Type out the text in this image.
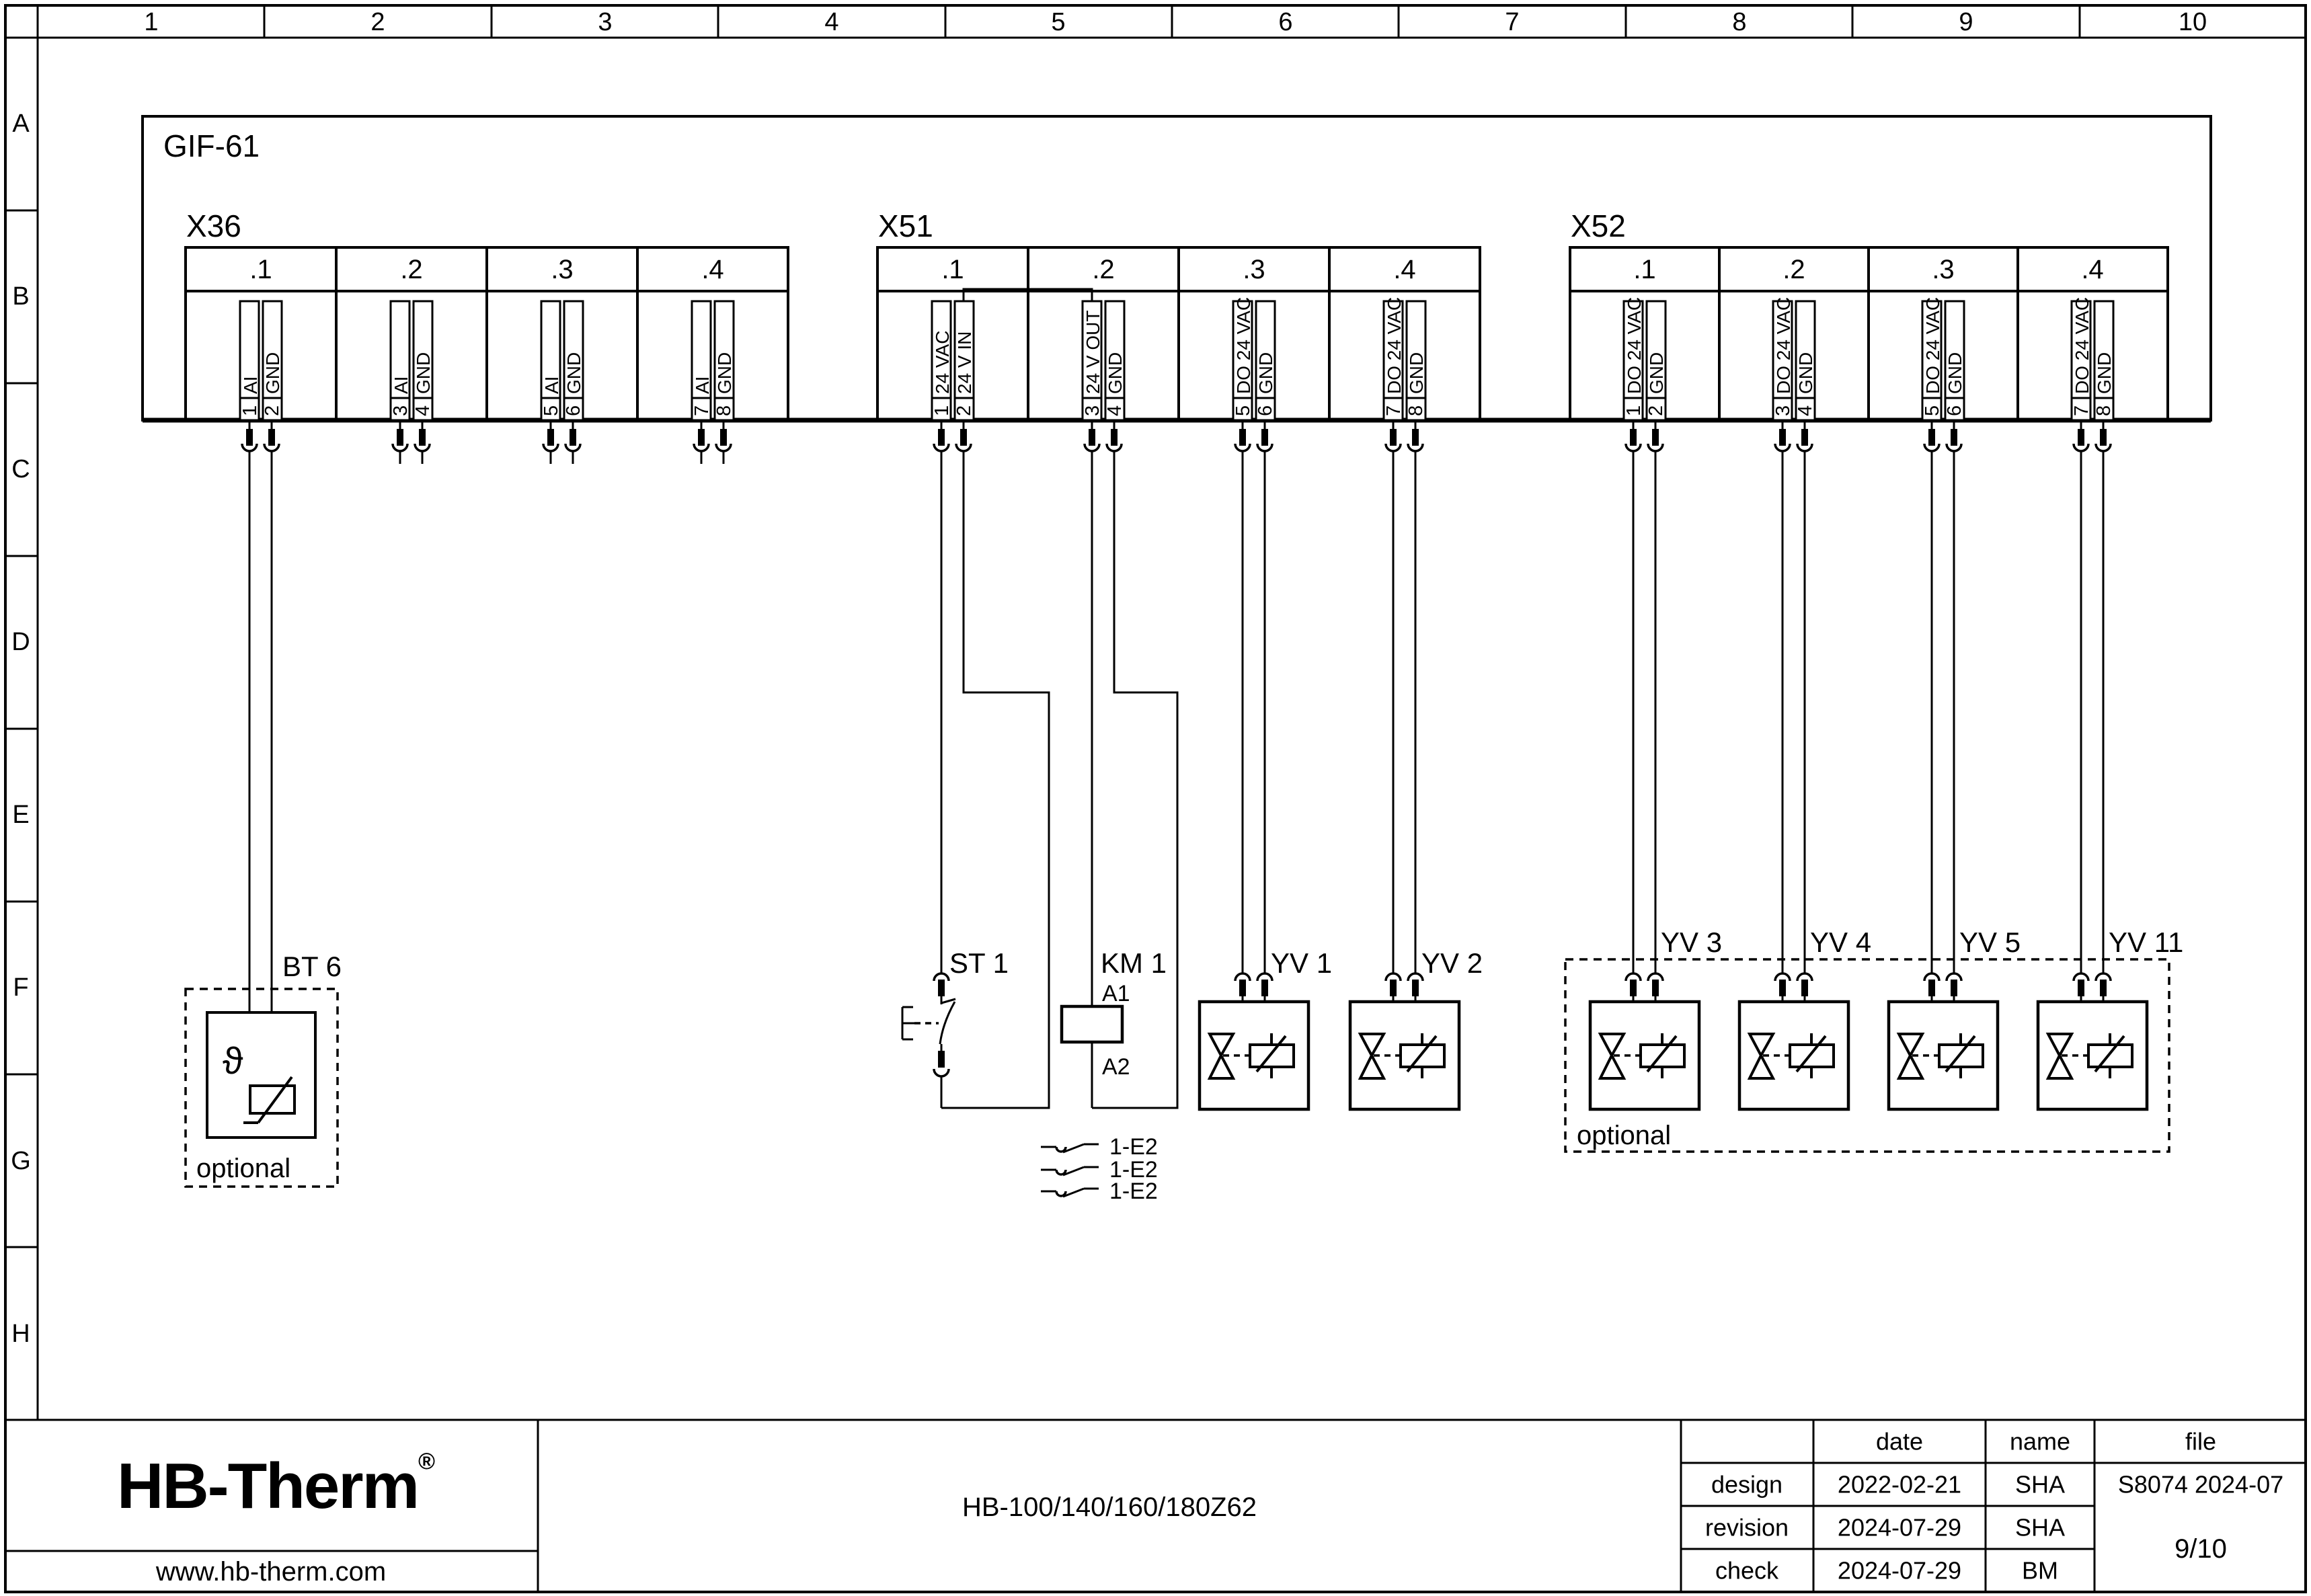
1	2	3	4	5	6	7	8	9	10
A
B
C
D
E
F
G
H
GIF-61
X36
.1	.2	.3	.4
AI GND
1 2
AI GND
3 4
AI GND
5 6
AI GND
7 8
X51
.1	.2	.3	.4
24 VAC 24 V IN
1 2
24 V OUT GND
3 4
DO 24 VAC GND
5 6
DO 24 VAC GND
7 8
X52
.1	.2	.3	.4
DO 24 VAC GND
1 2
DO 24 VAC GND
3 4
DO 24 VAC GND
5 6
DO 24 VAC GND
7 8
BT 6
ϑ
optional
ST 1	KM 1
A1
A2
YV 1	YV 2
YV 3	YV 4	YV 5	YV 11
optional
1-E2
1-E2
1-E2
HB-Therm ®
www.hb-therm.com
HB-100/140/160/180Z62
date	name	file
design 2022-02-21 SHA S8074 2024-07
revision 2024-07-29 SHA
check 2024-07-29 BM
9/10
